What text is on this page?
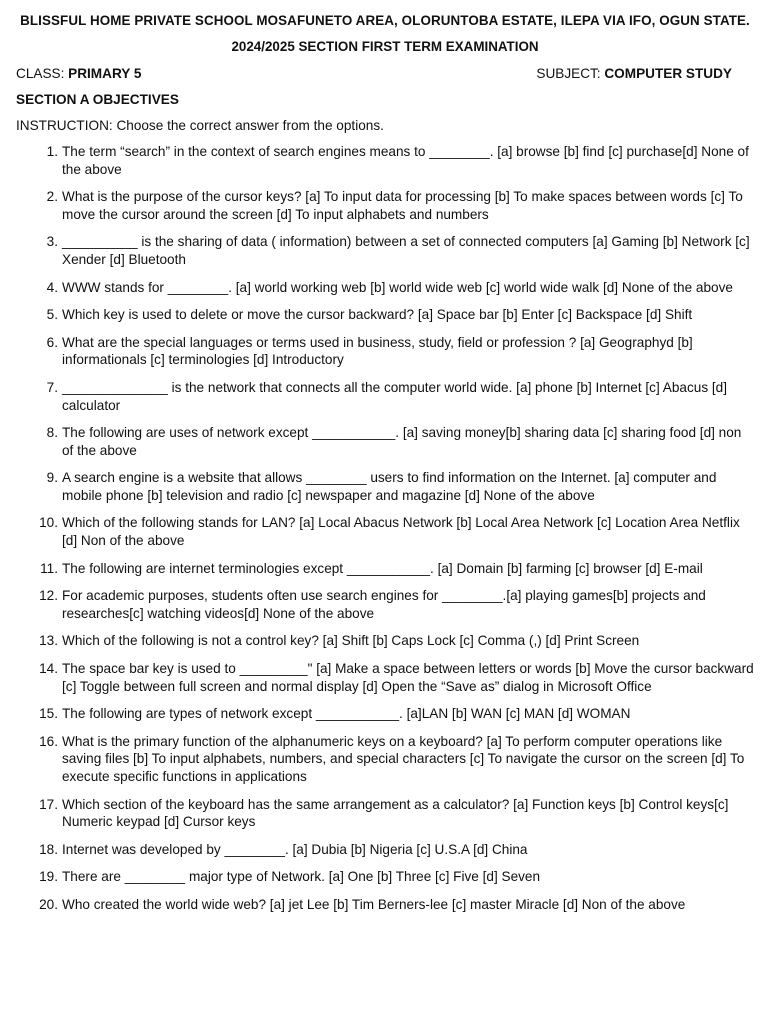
BLISSFUL HOME PRIVATE SCHOOL MOSAFUNETO AREA, OLORUNTOBA ESTATE, ILEPA VIA IFO, OGUN STATE.
2024/2025 SECTION FIRST TERM EXAMINATION
CLASS: PRIMARY 5	SUBJECT: COMPUTER STUDY
SECTION A OBJECTIVES
INSTRUCTION: Choose the correct answer from the options.
1. The term “search” in the context of search engines means to ________. [a] browse [b] find [c] purchase[d] None of the above
2. What is the purpose of the cursor keys? [a] To input data for processing [b] To make spaces between words [c] To move the cursor around the screen [d] To input alphabets and numbers
3. __________ is the sharing of data ( information) between a set of connected computers [a] Gaming [b] Network [c] Xender [d] Bluetooth
4. WWW stands for ________. [a] world working web [b] world wide web [c] world wide walk [d] None of the above
5. Which key is used to delete or move the cursor backward? [a] Space bar [b] Enter [c] Backspace [d] Shift
6. What are the special languages or terms used in business, study, field or profession ? [a] Geographyd [b] informationals [c] terminologies [d] Introductory
7. ______________ is the network that connects all the computer world wide. [a] phone [b] Internet [c] Abacus [d] calculator
8. The following are uses of network except ___________. [a] saving money[b] sharing data [c] sharing food [d] non of the above
9. A search engine is a website that allows ________ users to find information on the Internet. [a] computer and mobile phone [b] television and radio [c] newspaper and magazine [d] None of the above
10. Which of the following stands for LAN? [a] Local Abacus Network [b] Local Area Network [c] Location Area Netflix [d] Non of the above
11. The following are internet terminologies except ___________. [a] Domain [b] farming [c] browser [d] E-mail
12. For academic purposes, students often use search engines for ________.[a] playing games[b] projects and researches[c] watching videos[d] None of the above
13. Which of the following is not a control key? [a] Shift [b] Caps Lock [c] Comma (,) [d] Print Screen
14. The space bar key is used to _________" [a] Make a space between letters or words [b] Move the cursor backward [c] Toggle between full screen and normal display [d] Open the “Save as” dialog in Microsoft Office
15. The following are types of network except ___________. [a]LAN [b] WAN [c] MAN [d] WOMAN
16. What is the primary function of the alphanumeric keys on a keyboard? [a] To perform computer operations like saving files [b] To input alphabets, numbers, and special characters [c] To navigate the cursor on the screen [d] To execute specific functions in applications
17. Which section of the keyboard has the same arrangement as a calculator? [a] Function keys [b] Control keys[c] Numeric keypad [d] Cursor keys
18. Internet was developed by ________. [a] Dubia [b] Nigeria [c] U.S.A [d] China
19. There are ________ major type of Network. [a] One [b] Three [c] Five [d] Seven
20. Who created the world wide web? [a] jet Lee [b] Tim Berners-lee [c] master Miracle [d] Non of the above
